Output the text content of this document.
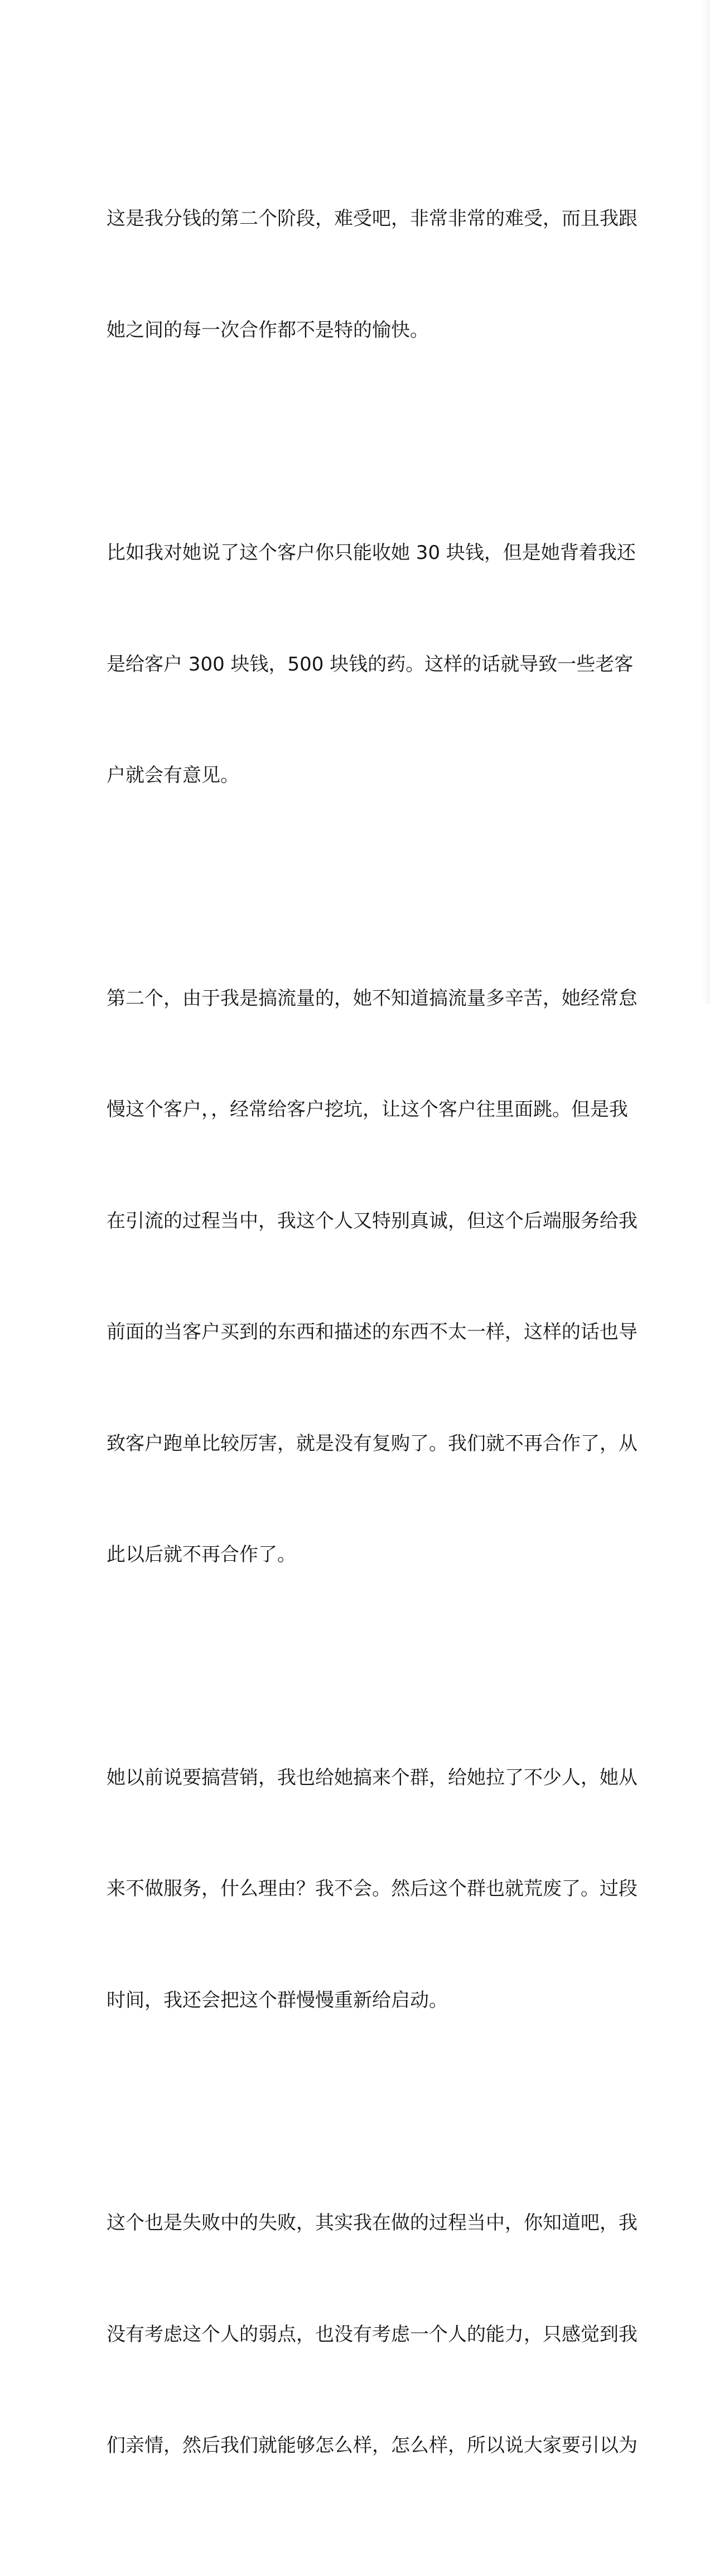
这是我分钱的第二个阶段，难受吧，非常非常的难受，而且我跟

她之间的每一次合作都不是特的愉快。

比如我对她说了这个客户你只能收她 30 块钱，但是她背着我还

是给客户 300 块钱，500 块钱的药。这样的话就导致一些老客

户就会有意见。

第二个，由于我是搞流量的，她不知道搞流量多辛苦，她经常怠

慢这个客户，，经常给客户挖坑，让这个客户往里面跳。但是我

在引流的过程当中，我这个人又特别真诚，但这个后端服务给我

前面的当客户买到的东西和描述的东西不太一样，这样的话也导

致客户跑单比较厉害，就是没有复购了。我们就不再合作了，从

此以后就不再合作了。

她以前说要搞营销，我也给她搞来个群，给她拉了不少人，她从

来不做服务，什么理由？我不会。然后这个群也就荒废了。过段

时间，我还会把这个群慢慢重新给启动。

这个也是失败中的失败，其实我在做的过程当中，你知道吧，我

没有考虑这个人的弱点，也没有考虑一个人的能力，只感觉到我

们亲情，然后我们就能够怎么样，怎么样，所以说大家要引以为
